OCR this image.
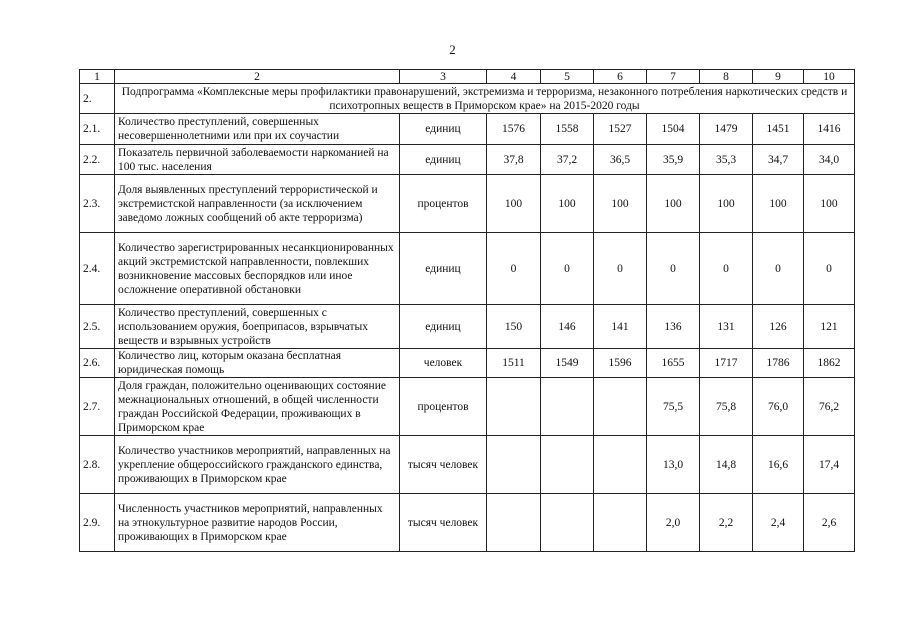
2
1	2	3	4	5	6	7	8	9	10
2.	Подпрограмма «Комплексные меры профилактики правонарушений, экстремизма и терроризма, незаконного потребления наркотических средств и психотропных веществ в Приморском крае» на 2015-2020 годы								
2.1.	Количество преступлений, совершенных несовершеннолетними или при их соучастии	единиц	1576	1558	1527	1504	1479	1451	1416
2.2.	Показатель первичной заболеваемости наркоманией на 100 тыс. населения	единиц	37,8	37,2	36,5	35,9	35,3	34,7	34,0
2.3.	Доля выявленных преступлений террористической и экстремистской направленности (за исключением заведомо ложных сообщений об акте терроризма)	процентов	100	100	100	100	100	100	100
2.4.	Количество зарегистрированных несанкционированных акций экстремистской направленности, повлекших возникновение массовых беспорядков или иное осложнение оперативной обстановки	единиц	0	0	0	0	0	0	0
2.5.	Количество преступлений, совершенных с использованием оружия, боеприпасов, взрывчатых веществ и взрывных устройств	единиц	150	146	141	136	131	126	121
2.6.	Количество лиц, которым оказана бесплатная юридическая помощь	человек	1511	1549	1596	1655	1717	1786	1862
2.7.	Доля граждан, положительно оценивающих состояние межнациональных отношений, в общей численности граждан Российской Федерации, проживающих в Приморском крае	процентов				75,5	75,8	76,0	76,2
2.8.	Количество участников мероприятий, направленных на укрепление общероссийского гражданского единства, проживающих в Приморском крае	тысяч человек				13,0	14,8	16,6	17,4
2.9.	Численность участников мероприятий, направленных на этнокультурное развитие народов России, проживающих в Приморском крае	тысяч человек				2,0	2,2	2,4	2,6
